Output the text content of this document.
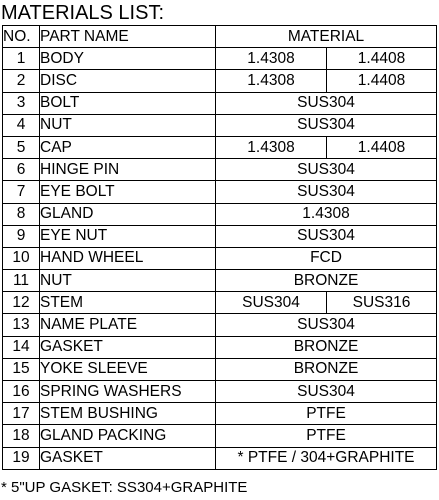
MATERIALS LIST:
NO.	PART NAME	MATERIAL	
1	BODY	1.4308	1.4408
2	DISC	1.4308	1.4408
3	BOLT	SUS304	
4	NUT	SUS304	
5	CAP	1.4308	1.4408
6	HINGE PIN	SUS304	
7	EYE BOLT	SUS304	
8	GLAND	1.4308	
9	EYE NUT	SUS304	
10	HAND WHEEL	FCD	
11	NUT	BRONZE	
12	STEM	SUS304	SUS316
13	NAME PLATE	SUS304	
14	GASKET	BRONZE	
15	YOKE SLEEVE	BRONZE	
16	SPRING WASHERS	SUS304	
17	STEM BUSHING	PTFE	
18	GLAND PACKING	PTFE	
19	GASKET	* PTFE / 304+GRAPHITE	
* 5"UP GASKET: SS304+GRAPHITE
